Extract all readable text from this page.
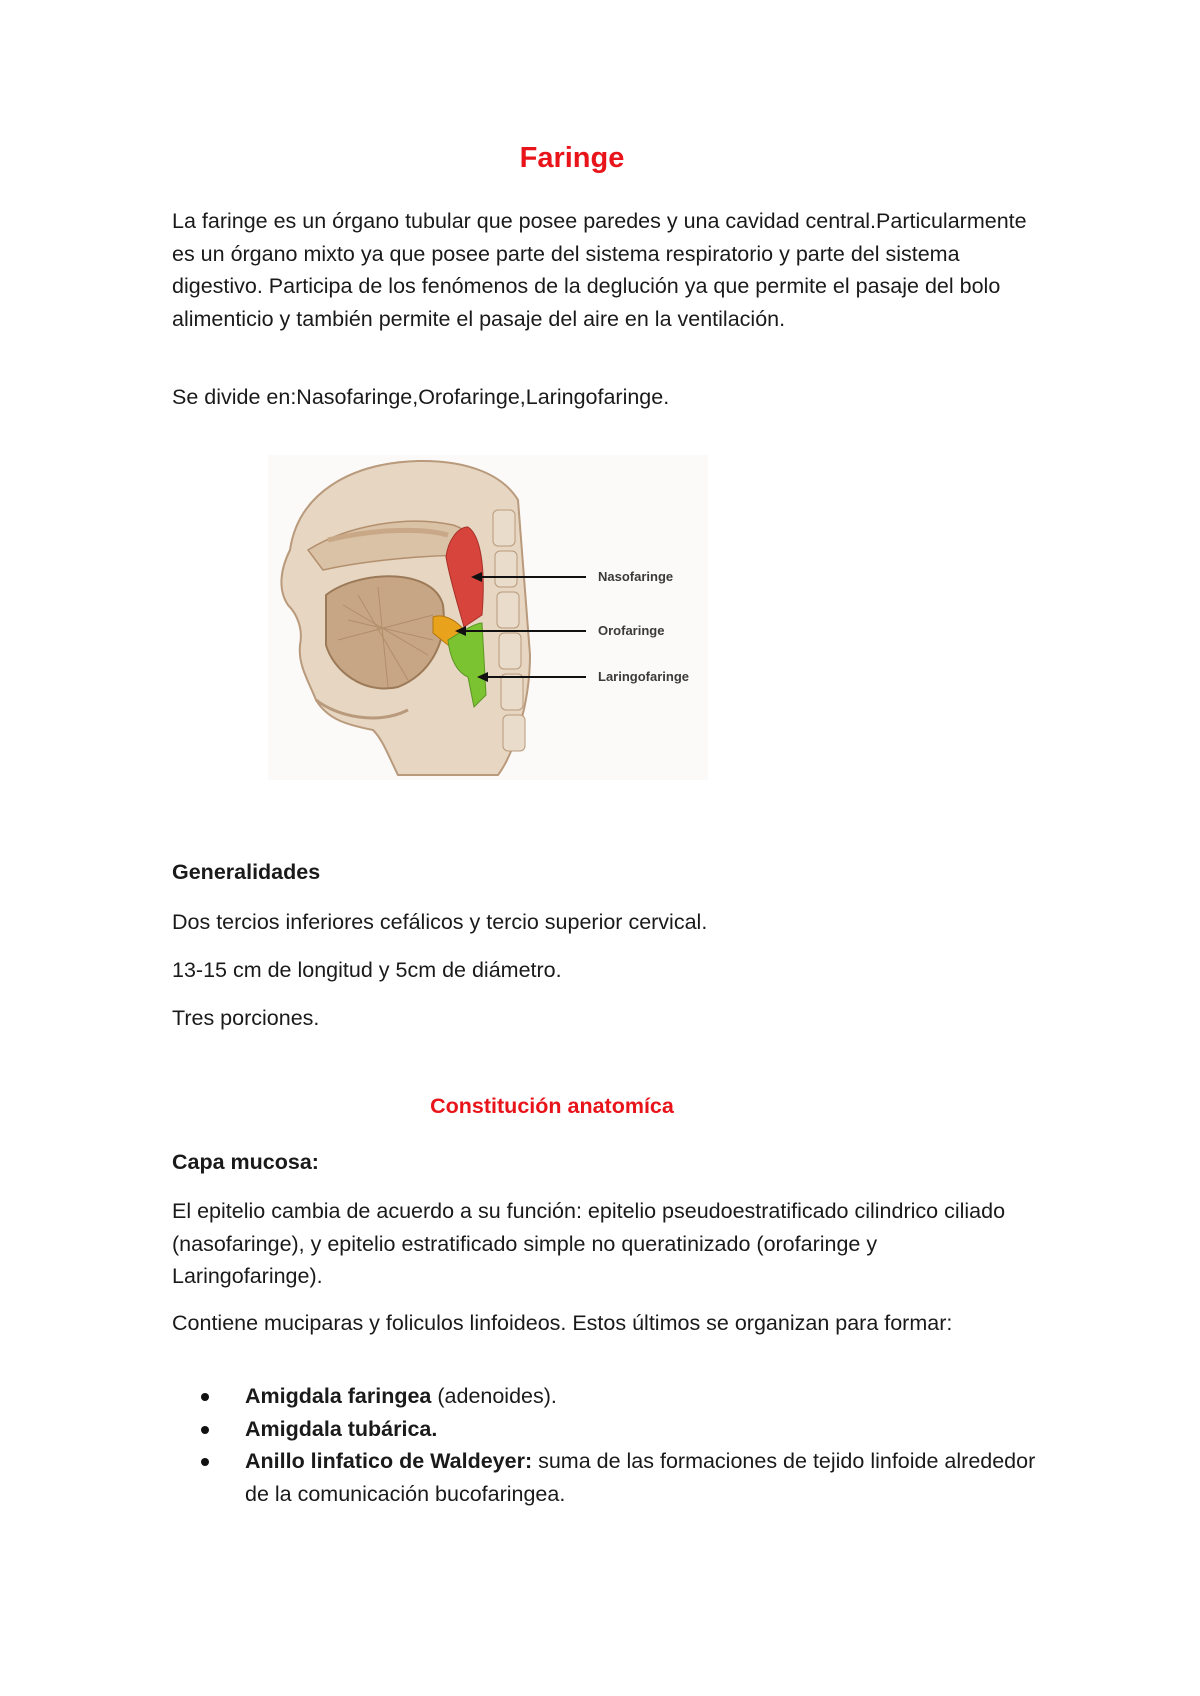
Faringe

La faringe es un órgano tubular que posee paredes y una cavidad central.Particularmente es un órgano mixto ya que posee parte del sistema respiratorio y parte del sistema digestivo. Participa de los fenómenos de la deglución ya que permite el pasaje del bolo alimenticio y también permite el pasaje del aire en la ventilación.

Se divide en:Nasofaringe,Orofaringe,Laringofaringe.

Nasofaringe
Orofaringe
Laringofaringe
Generalidades

Dos tercios inferiores cefálicos y tercio superior cervical.

13-15 cm de longitud y 5cm de diámetro.

Tres porciones.

Constitución anatomíca
Capa mucosa:

El epitelio cambia de acuerdo a su función: epitelio pseudoestratificado cilindrico ciliado (nasofaringe), y epitelio estratificado simple no queratinizado (orofaringe y Laringofaringe).

Contiene muciparas y foliculos linfoideos. Estos últimos se organizan para formar:

Amigdala faringea (adenoides).
Amigdala tubárica.
Anillo linfatico de Waldeyer: suma de las formaciones de tejido linfoide alrededor de la comunicación bucofaringea.
